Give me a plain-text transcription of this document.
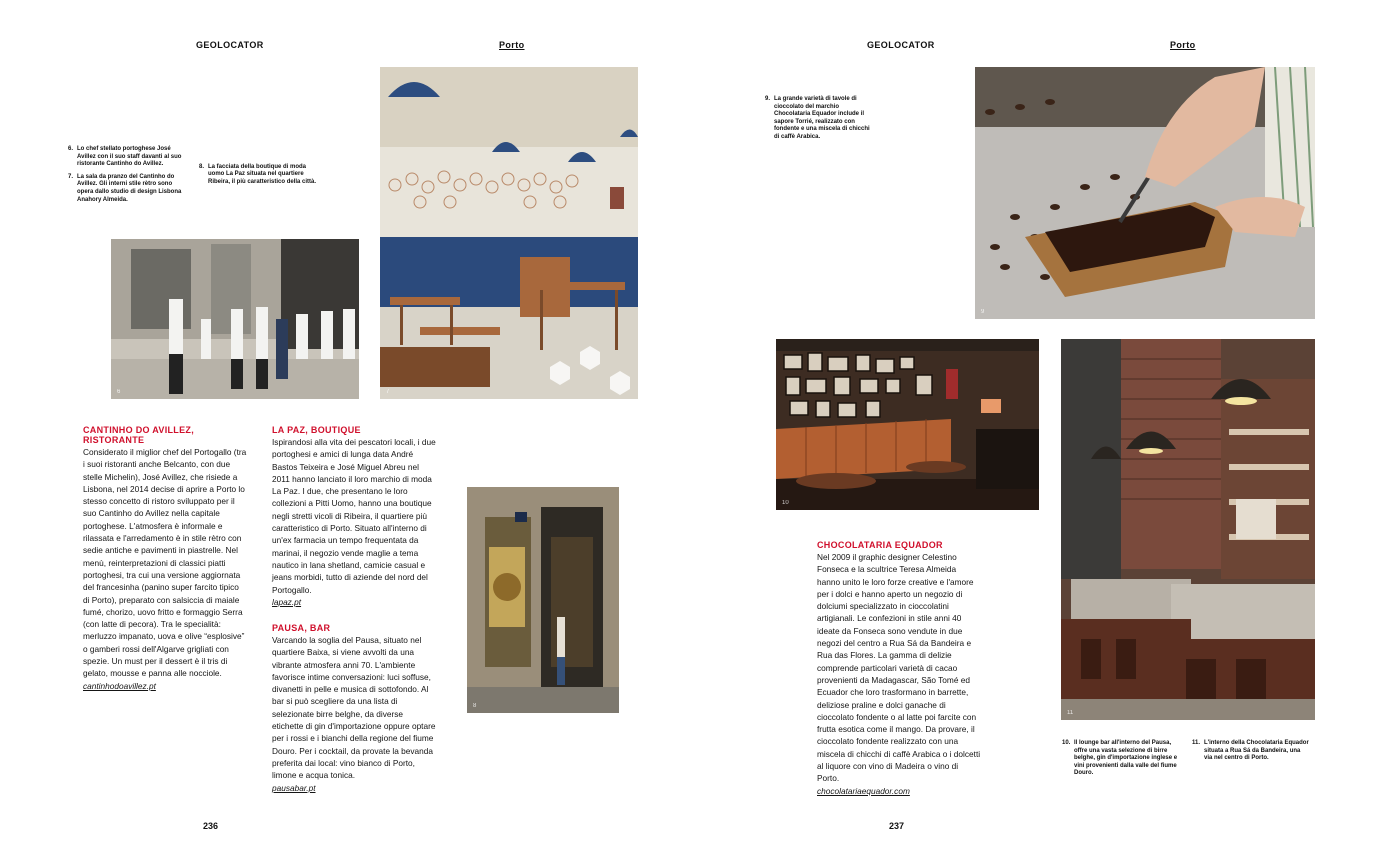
GEOLOCATOR	Porto
6. Lo chef stellato portoghese José Avillez con il suo staff davanti al suo ristorante Cantinho do Avillez.
7. La sala da pranzo del Cantinho do Avillez. Gli interni stile rètro sono opera dallo studio di design Lisbona Anahory Almeida.

8. La facciata della boutique di moda uomo La Paz situata nel quartiere Ribeira, il più caratteristico della città.
6	7
8
CANTINHO DO AVILLEZ, RISTORANTE

Considerato il miglior chef del Portogallo (tra i suoi ristoranti anche Belcanto, con due stelle Michelin), José Avillez, che risiede a Lisbona, nel 2014 decise di aprire a Porto lo stesso concetto di ristoro sviluppato per il suo Cantinho do Avillez nella capitale portoghese. L'atmosfera è informale e rilassata e l'arredamento è in stile rètro con sedie antiche e pavimenti in piastrelle. Nel menù, reinterpretazioni di classici piatti portoghesi, tra cui una versione aggiornata del francesinha (panino super farcito tipico di Porto), preparato con salsiccia di maiale fumé, chorizo, uovo fritto e formaggio Serra (con latte di pecora). Tra le specialità: merluzzo impanato, uova e olive “esplosive” o gamberi rossi dell'Algarve grigliati con spezie. Un must per il dessert è il tris di gelato, mousse e panna alle nocciole.

cantinhodoavillez.pt
LA PAZ, BOUTIQUE

Ispirandosi alla vita dei pescatori locali, i due portoghesi e amici di lunga data André Bastos Teixeira e José Miguel Abreu nel 2011 hanno lanciato il loro marchio di moda La Paz. I due, che presentano le loro collezioni a Pitti Uomo, hanno una boutique negli stretti vicoli di Ribeira, il quartiere più caratteristico di Porto. Situato all'interno di un'ex farmacia un tempo frequentata da marinai, il negozio vende maglie a tema nautico in lana shetland, camicie casual e jeans morbidi, tutto di aziende del nord del Portogallo.

lapaz.pt
PAUSA, BAR

Varcando la soglia del Pausa, situato nel quartiere Baixa, si viene avvolti da una vibrante atmosfera anni 70. L'ambiente favorisce intime conversazioni: luci soffuse, divanetti in pelle e musica di sottofondo. Al bar si può scegliere da una lista di selezionate birre belghe, da diverse etichette di gin d'importazione oppure optare per i rossi e i bianchi della regione del fiume Douro. Per i cocktail, da provate la bevanda preferita dai local: vino bianco di Porto, limone e acqua tonica.

pausabar.pt
236
GEOLOCATOR	Porto
9. La grande varietà di tavole di cioccolato del marchio Chocolataria Equador include il sapore Torrié, realizzato con fondente e una miscela di chicchi di caffè Arabica.
9
10
11
CHOCOLATARIA EQUADOR

Nel 2009 il graphic designer Celestino Fonseca e la scultrice Teresa Almeida hanno unito le loro forze creative e l'amore per i dolci e hanno aperto un negozio di dolciumi specializzato in cioccolatini artigianali. Le confezioni in stile anni 40 ideate da Fonseca sono vendute in due negozi del centro a Rua Sá da Bandeira e Rua das Flores. La gamma di delizie comprende particolari varietà di cacao provenienti da Madagascar, São Tomé ed Ecuador che loro trasformano in barrette, deliziose praline e dolci ganache di cioccolato fondente o al latte poi farcite con frutta esotica come il mango. Da provare, il cioccolato fondente realizzato con una miscela di chicchi di caffè Arabica o i dolcetti al liquore con vino di Madeira o vino di Porto.

chocolatariaequador.com
10. Il lounge bar all'interno del Pausa, offre una vasta selezione di birre belghe, gin d'importazione inglese e vini provenienti dalla valle del fiume Douro.
11. L'interno della Chocolataria Equador situata a Rua Sá da Bandeira, una via nel centro di Porto.
237
